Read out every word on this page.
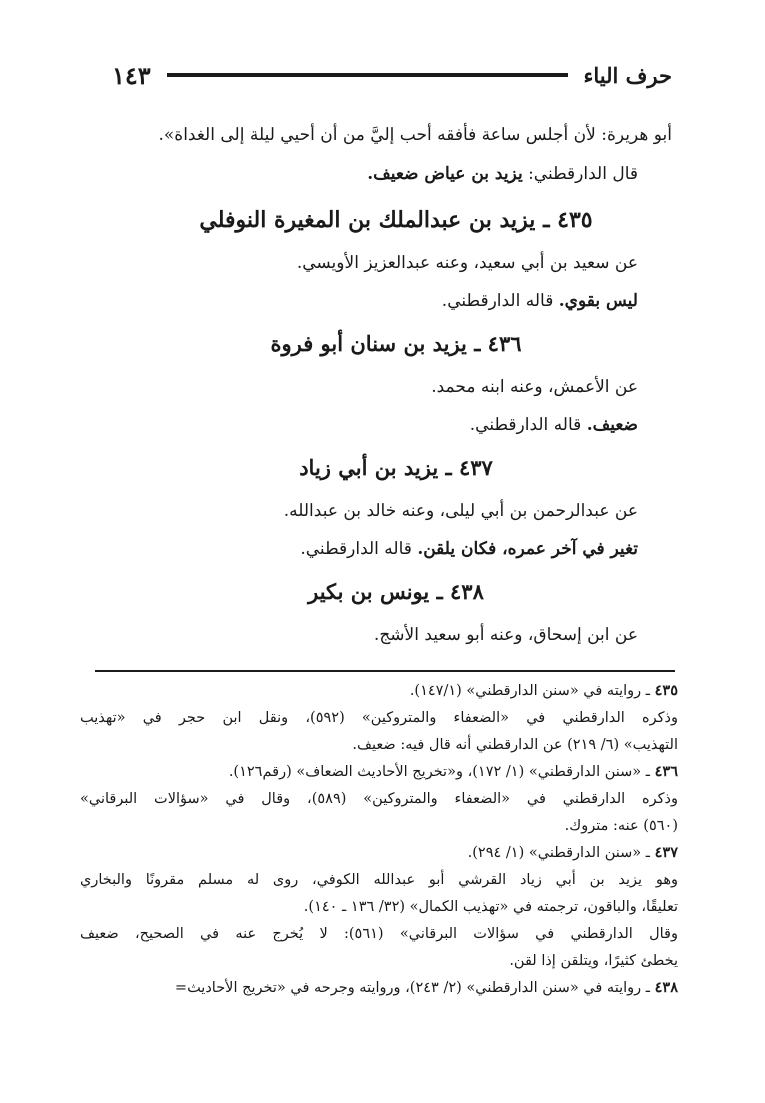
حرف الياء
١٤٣
أبو هريرة: لأن أجلس ساعة فأفقه أحب إليَّ من أن أحيي ليلة إلى الغداة».
قال الدارقطني: يزيد بن عياض ضعيف.
٤٣٥ ـ يزيد بن عبدالملك بن المغيرة النوفلي
عن سعيد بن أبي سعيد، وعنه عبدالعزيز الأويسي.
ليس بقوي. قاله الدارقطني.
٤٣٦ ـ يزيد بن سنان أبو فروة
عن الأعمش، وعنه ابنه محمد.
ضعيف. قاله الدارقطني.
٤٣٧ ـ يزيد بن أبي زياد
عن عبدالرحمن بن أبي ليلى، وعنه خالد بن عبدالله.
تغير في آخر عمره، فكان يلقن. قاله الدارقطني.
٤٣٨ ـ يونس بن بكير
عن ابن إسحاق، وعنه أبو سعيد الأشج.
٤٣٥ ـ روايته في «سنن الدارقطني» (١٤٧/١).
وذكره الدارقطني في «الضعفاء والمتروكين» (٥٩٢)، ونقل ابن حجر في «تهذيب
التهذيب» (٦/ ٢١٩) عن الدارقطني أنه قال فيه: ضعيف.
٤٣٦ ـ «سنن الدارقطني» (١/ ١٧٢)، و«تخريج الأحاديث الضعاف» (رقم١٢٦).
وذكره الدارقطني في «الضعفاء والمتروكين» (٥٨٩)، وقال في «سؤالات البرقاني»
(٥٦٠) عنه: متروك.
٤٣٧ ـ «سنن الدارقطني» (١/ ٢٩٤).
وهو يزيد بن أبي زياد القرشي أبو عبدالله الكوفي، روى له مسلم مقرونًا والبخاري
تعليقًا، والباقون، ترجمته في «تهذيب الكمال» (٣٢/ ١٣٦ ـ ١٤٠).
وقال الدارقطني في سؤالات البرقاني» (٥٦١): لا يُخرج عنه في الصحيح، ضعيف
يخطئ كثيرًا، ويتلقن إذا لقن.
٤٣٨ ـ روايته في «سنن الدارقطني» (٢/ ٢٤٣)، وروايته وجرحه في «تخريج الأحاديث=
